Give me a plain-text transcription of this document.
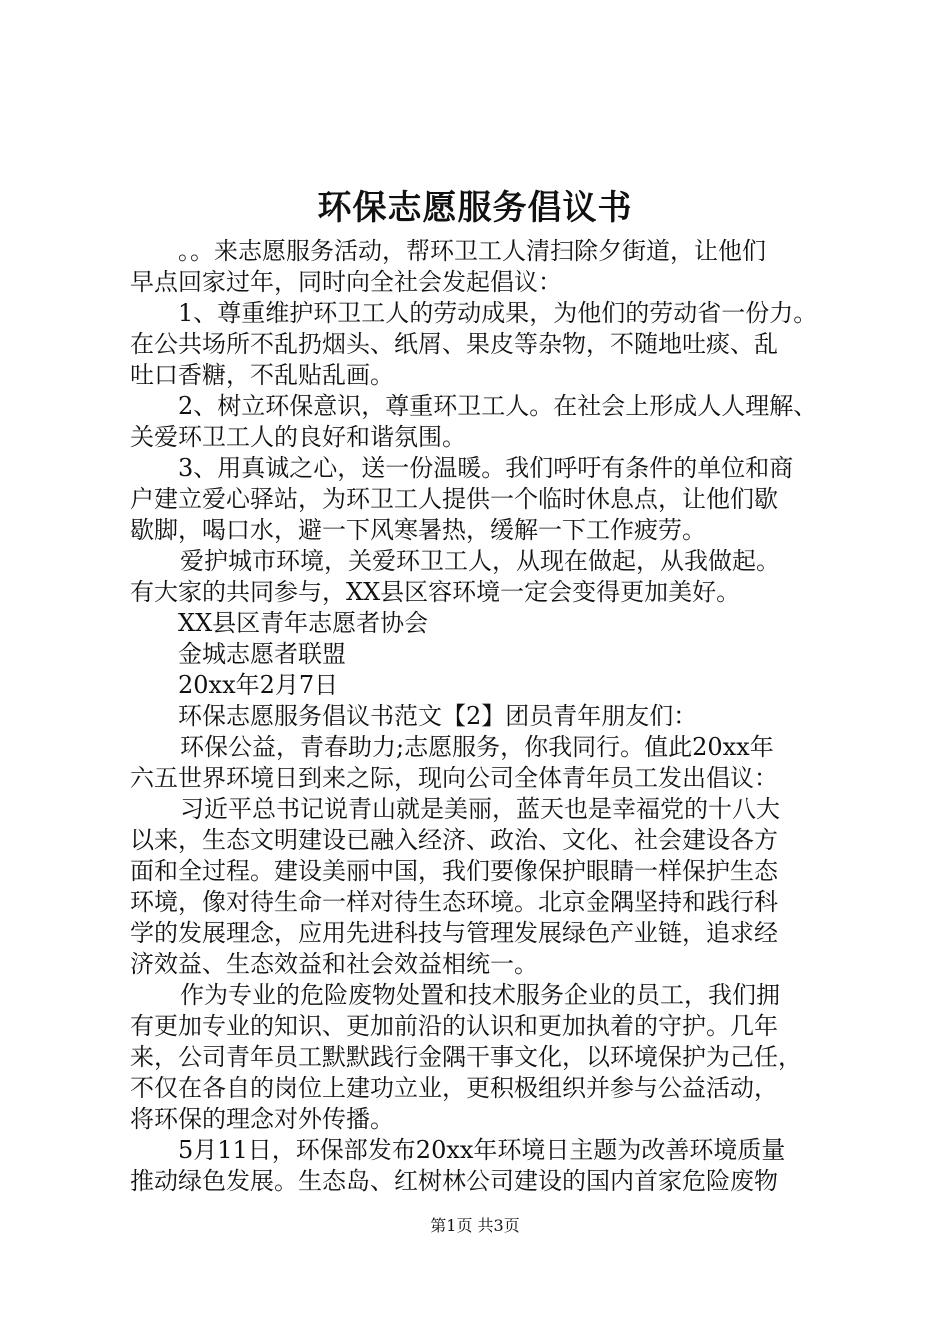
环保志愿服务倡议书
。。来志愿服务活动，帮环卫工人清扫除夕街道，让他们
早点回家过年，同时向全社会发起倡议：
1、尊重维护环卫工人的劳动成果，为他们的劳动省一份力。
在公共场所不乱扔烟头、纸屑、果皮等杂物，不随地吐痰、乱
吐口香糖，不乱贴乱画。
2、树立环保意识，尊重环卫工人。在社会上形成人人理解、
关爱环卫工人的良好和谐氛围。
3、用真诚之心，送一份温暖。我们呼吁有条件的单位和商
户建立爱心驿站，为环卫工人提供一个临时休息点，让他们歇
歇脚，喝口水，避一下风寒暑热，缓解一下工作疲劳。
爱护城市环境，关爱环卫工人，从现在做起，从我做起。
有大家的共同参与，XX县区容环境一定会变得更加美好。
XX县区青年志愿者协会
金城志愿者联盟
20xx年2月7日
环保志愿服务倡议书范文【2】团员青年朋友们：
环保公益，青春助力;志愿服务，你我同行。值此20xx年
六五世界环境日到来之际，现向公司全体青年员工发出倡议：
习近平总书记说青山就是美丽，蓝天也是幸福党的十八大
以来，生态文明建设已融入经济、政治、文化、社会建设各方
面和全过程。建设美丽中国，我们要像保护眼睛一样保护生态
环境，像对待生命一样对待生态环境。北京金隅坚持和践行科
学的发展理念，应用先进科技与管理发展绿色产业链，追求经
济效益、生态效益和社会效益相统一。
作为专业的危险废物处置和技术服务企业的员工，我们拥
有更加专业的知识、更加前沿的认识和更加执着的守护。几年
来，公司青年员工默默践行金隅干事文化，以环境保护为己任，
不仅在各自的岗位上建功立业，更积极组织并参与公益活动，
将环保的理念对外传播。
5月11日，环保部发布20xx年环境日主题为改善环境质量
推动绿色发展。生态岛、红树林公司建设的国内首家危险废物
第1页 共3页
